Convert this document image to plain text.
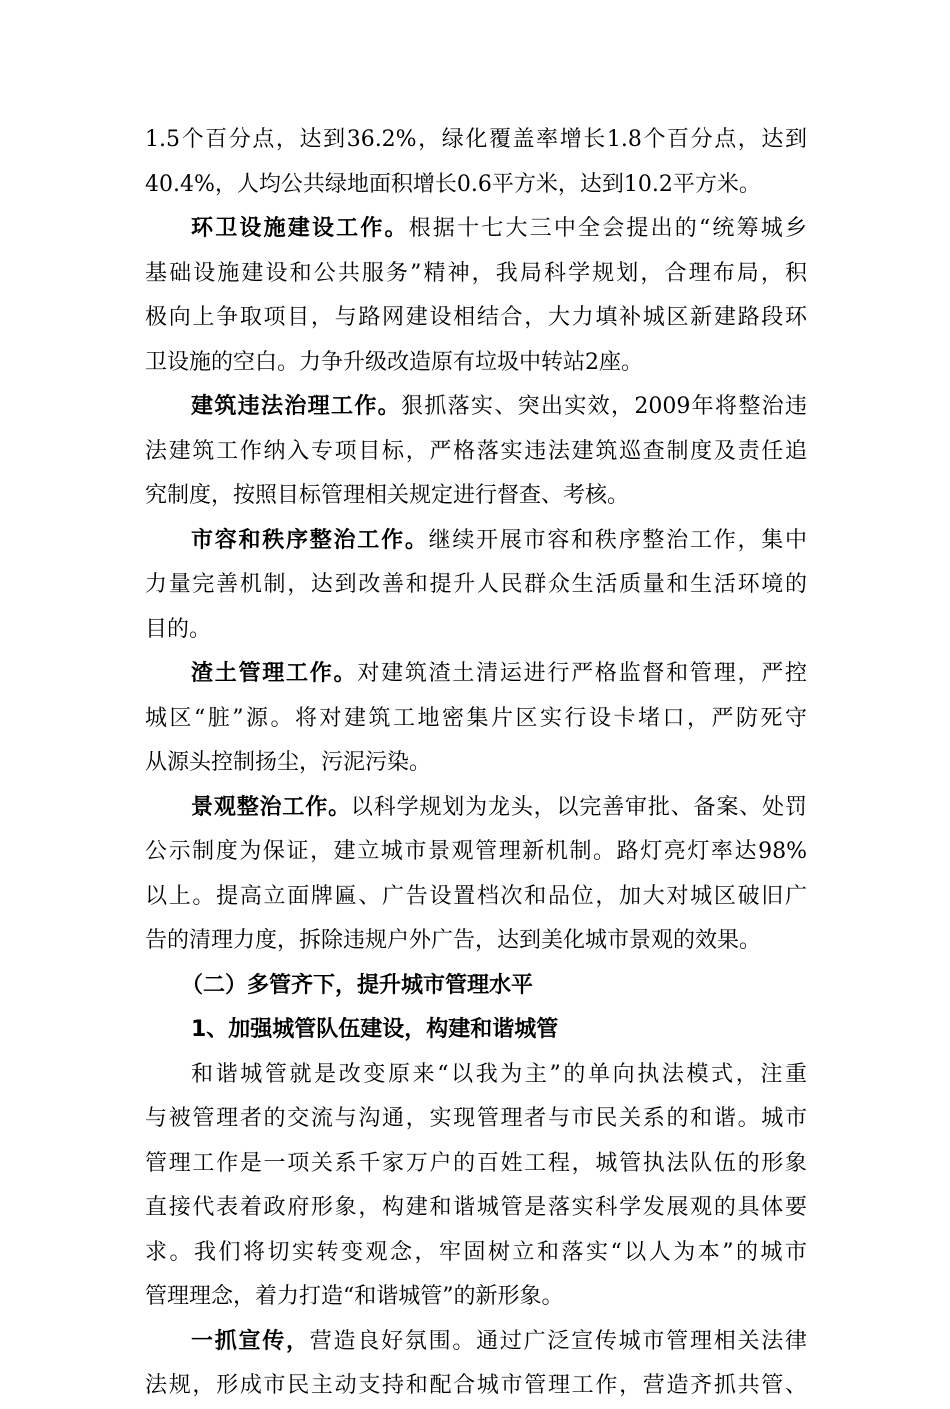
1.5个百分点，达到36.2%，绿化覆盖率增长1.8个百分点，达到
40.4%，人均公共绿地面积增长0.6平方米，达到10.2平方米。
环卫设施建设工作。根据十七大三中全会提出的“统筹城乡
基础设施建设和公共服务”精神，我局科学规划，合理布局，积
极向上争取项目，与路网建设相结合，大力填补城区新建路段环
卫设施的空白。力争升级改造原有垃圾中转站2座。
建筑违法治理工作。狠抓落实、突出实效，2009年将整治违
法建筑工作纳入专项目标，严格落实违法建筑巡查制度及责任追
究制度，按照目标管理相关规定进行督查、考核。
市容和秩序整治工作。继续开展市容和秩序整治工作，集中
力量完善机制，达到改善和提升人民群众生活质量和生活环境的
目的。
渣土管理工作。对建筑渣土清运进行严格监督和管理，严控
城区“脏”源。将对建筑工地密集片区实行设卡堵口，严防死守
从源头控制扬尘，污泥污染。
景观整治工作。以科学规划为龙头，以完善审批、备案、处罚
公示制度为保证，建立城市景观管理新机制。路灯亮灯率达98%
以上。提高立面牌匾、广告设置档次和品位，加大对城区破旧广
告的清理力度，拆除违规户外广告，达到美化城市景观的效果。
（二）多管齐下，提升城市管理水平
1、加强城管队伍建设，构建和谐城管
和谐城管就是改变原来“以我为主”的单向执法模式，注重
与被管理者的交流与沟通，实现管理者与市民关系的和谐。城市
管理工作是一项关系千家万户的百姓工程，城管执法队伍的形象
直接代表着政府形象，构建和谐城管是落实科学发展观的具体要
求。我们将切实转变观念，牢固树立和落实“以人为本”的城市
管理理念，着力打造“和谐城管”的新形象。
一抓宣传，营造良好氛围。通过广泛宣传城市管理相关法律
法规，形成市民主动支持和配合城市管理工作，营造齐抓共管、
